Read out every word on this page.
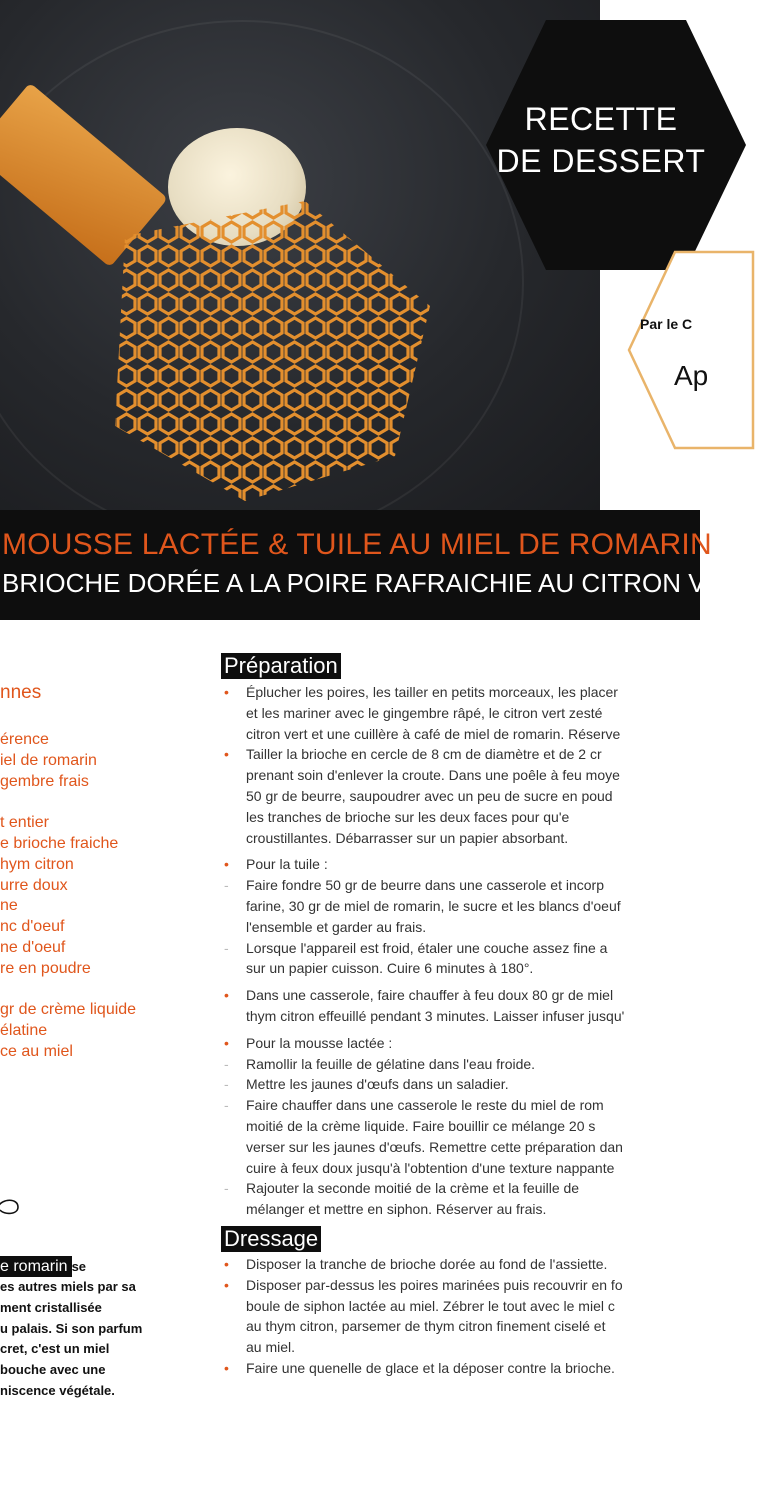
RECETTE
DE DESSERT
Par le C
Ap
MOUSSE LACTÉE & TUILE AU MIEL DE ROMARIN
BRIOCHE DORÉE A LA POIRE RAFRAICHIE AU CITRON VERT
nnes
érence
iel de romarin
gembre frais
t entier
e brioche fraiche
hym citron
urre doux
ne
nc d'oeuf
ne d'oeuf
re en poudre
gr de crème liquide
élatine
ce au miel
e romarin se
es autres miels par sa
ment cristallisée
u palais. Si son parfum
cret, c'est un miel
bouche avec une
niscence végétale.
Préparation
• Éplucher les poires, les tailler en petits morceaux, les placer
et les mariner avec le gingembre râpé, le citron vert zesté
citron vert et une cuillère à café de miel de romarin. Réserve
• Tailler la brioche en cercle de 8 cm de diamètre et de 2 cr
prenant soin d'enlever la croute. Dans une poêle à feu moye
50 gr de beurre, saupoudrer avec un peu de sucre en poud
les tranches de brioche sur les deux faces pour qu'e
croustillantes. Débarrasser sur un papier absorbant.
• Pour la tuile :
- Faire fondre 50 gr de beurre dans une casserole et incorp
farine, 30 gr de miel de romarin, le sucre et les blancs d'oeuf
l'ensemble et garder au frais.
- Lorsque l'appareil est froid, étaler une couche assez fine a
sur un papier cuisson. Cuire 6 minutes à 180°.
• Dans une casserole, faire chauffer à feu doux 80 gr de miel
thym citron effeuillé pendant 3 minutes. Laisser infuser jusqu'
• Pour la mousse lactée :
- Ramollir la feuille de gélatine dans l'eau froide.
- Mettre les jaunes d'œufs dans un saladier.
- Faire chauffer dans une casserole le reste du miel de rom
moitié de la crème liquide. Faire bouillir ce mélange 20 s
verser sur les jaunes d'œufs. Remettre cette préparation dan
cuire à feux doux jusqu'à l'obtention d'une texture nappante
- Rajouter la seconde moitié de la crème et la feuille de
mélanger et mettre en siphon. Réserver au frais.
Dressage
• Disposer la tranche de brioche dorée au fond de l'assiette.
• Disposer par-dessus les poires marinées puis recouvrir en fo
boule de siphon lactée au miel. Zébrer le tout avec le miel c
au thym citron, parsemer de thym citron finement ciselé et
au miel.
• Faire une quenelle de glace et la déposer contre la brioche.
